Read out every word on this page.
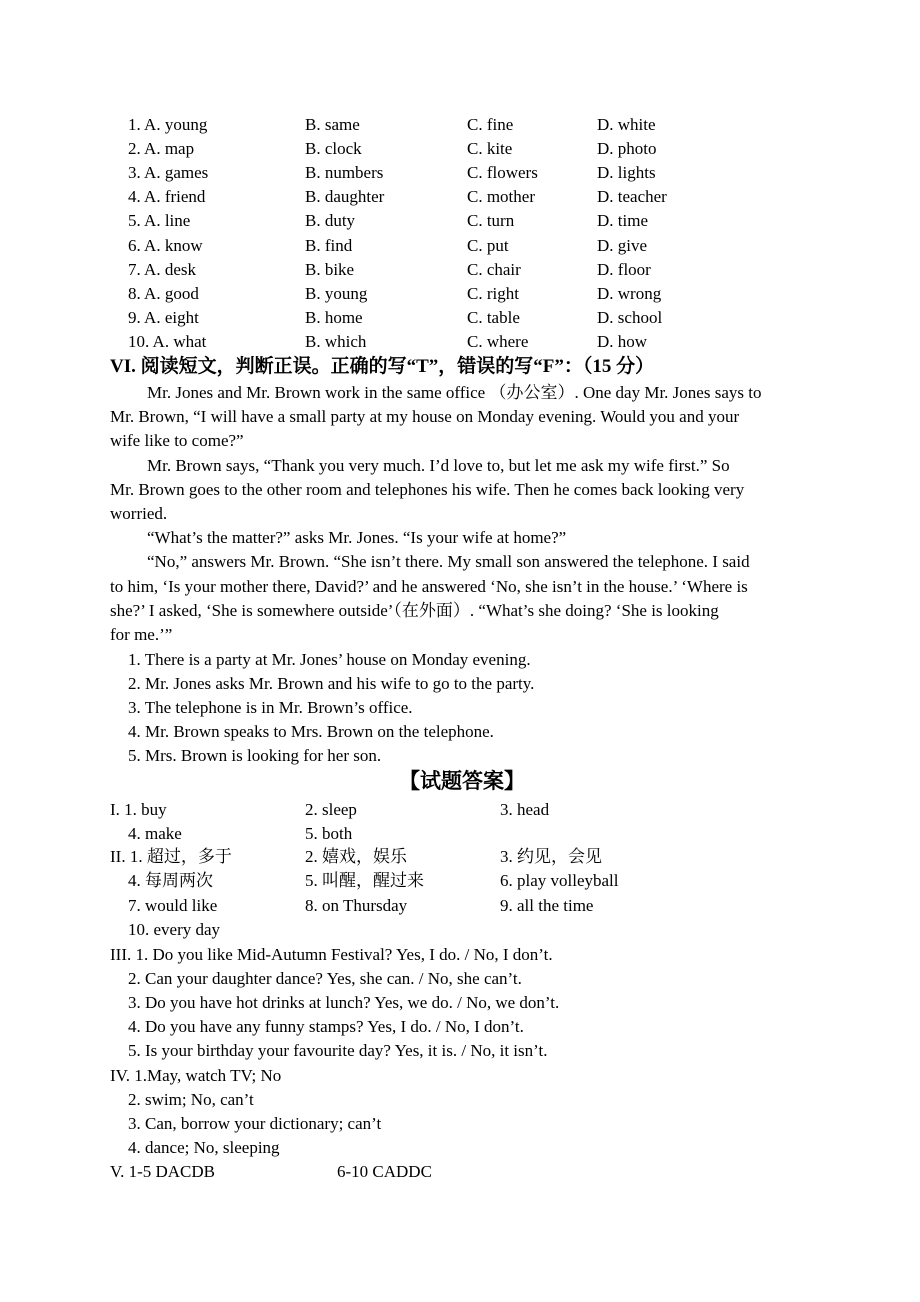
1. A. young	B. same	C. fine	D. white
2. A. map	B. clock	C. kite	D. photo
3. A. games	B. numbers	C. flowers	D. lights
4. A. friend	B. daughter	C. mother	D. teacher
5. A. line	B. duty	C. turn	D. time
6. A. know	B. find	C. put	D. give
7. A. desk	B. bike	C. chair	D. floor
8. A. good	B. young	C. right	D. wrong
9. A. eight	B. home	C. table	D. school
10. A. what	B. which	C. where	D. how
VI. 阅读短文，判断正误。正确的写“T”，错误的写“F”：（15 分）
Mr. Jones and Mr. Brown work in the same office （办公室）. One day Mr. Jones says to
Mr. Brown, “I will have a small party at my house on Monday evening. Would you and your
wife like to come?”
Mr. Brown says, “Thank you very much. I’d love to, but let me ask my wife first.” So
Mr. Brown goes to the other room and telephones his wife. Then he comes back looking very
worried.
“What’s the matter?” asks Mr. Jones. “Is your wife at home?”
“No,” answers Mr. Brown. “She isn’t there. My small son answered the telephone. I said
to him, ‘Is your mother there, David?’ and he answered ‘No, she isn’t in the house.’ ‘Where is
she?’ I asked, ‘She is somewhere outside’（在外面）. “What’s she doing? ‘She is looking
for me.’”
1. There is a party at Mr. Jones’ house on Monday evening.
2. Mr. Jones asks Mr. Brown and his wife to go to the party.
3. The telephone is in Mr. Brown’s office.
4. Mr. Brown speaks to Mrs. Brown on the telephone.
5. Mrs. Brown is looking for her son.
【试题答案】
I. 1. buy	2. sleep	3. head
4. make	5. both
II. 1. 超过，多于	2. 嬉戏，娱乐	3. 约见，会见
4. 每周两次	5. 叫醒，醒过来	6. play volleyball
7. would like	8. on Thursday	9. all the time
10. every day
III. 1. Do you like Mid-Autumn Festival? Yes, I do. / No, I don’t.
2. Can your daughter dance? Yes, she can. / No, she can’t.
3. Do you have hot drinks at lunch? Yes, we do. / No, we don’t.
4. Do you have any funny stamps? Yes, I do. / No, I don’t.
5. Is your birthday your favourite day? Yes, it is. / No, it isn’t.
IV. 1.May, watch TV; No
2. swim; No, can’t
3. Can, borrow your dictionary; can’t
4. dance; No, sleeping
V. 1-5 DACDB	6-10 CADDC
